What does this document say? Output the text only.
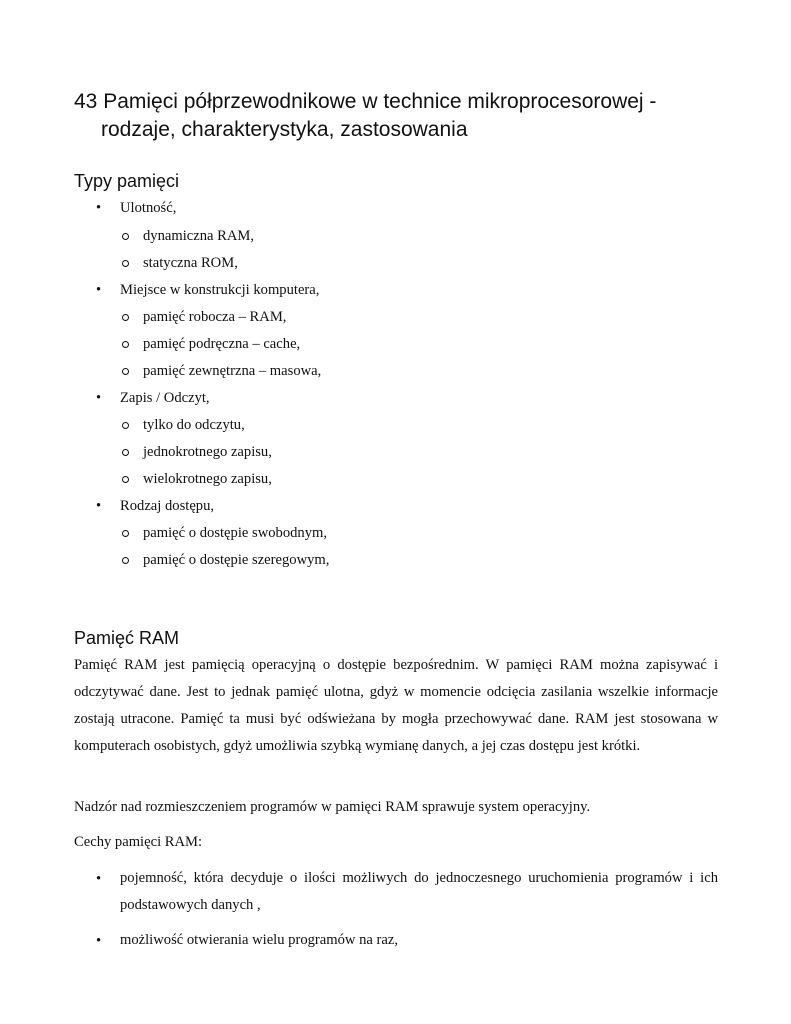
43 Pamięci półprzewodnikowe w technice mikroprocesorowej -
rodzaje, charakterystyka, zastosowania
Typy pamięci
• Ulotność,
dynamiczna RAM,
statyczna ROM,
• Miejsce w konstrukcji komputera,
pamięć robocza – RAM,
pamięć podręczna – cache,
pamięć zewnętrzna – masowa,
• Zapis / Odczyt,
tylko do odczytu,
jednokrotnego zapisu,
wielokrotnego zapisu,
• Rodzaj dostępu,
pamięć o dostępie swobodnym,
pamięć o dostępie szeregowym,
Pamięć RAM

Pamięć RAM jest pamięcią operacyjną o dostępie bezpośrednim. W pamięci RAM można zapisywać i odczytywać dane. Jest to jednak pamięć ulotna, gdyż w momencie odcięcia zasilania wszelkie informacje zostają utracone. Pamięć ta musi być odświeżana by mogła przechowywać dane. RAM jest stosowana w komputerach osobistych, gdyż umożliwia szybką wymianę danych, a jej czas dostępu jest krótki.

Nadzór nad rozmieszczeniem programów w pamięci RAM sprawuje system operacyjny.

Cechy pamięci RAM:

• pojemność, która decyduje o ilości możliwych do jednoczesnego uruchomienia programów i ich podstawowych danych ,

• możliwość otwierania wielu programów na raz,
